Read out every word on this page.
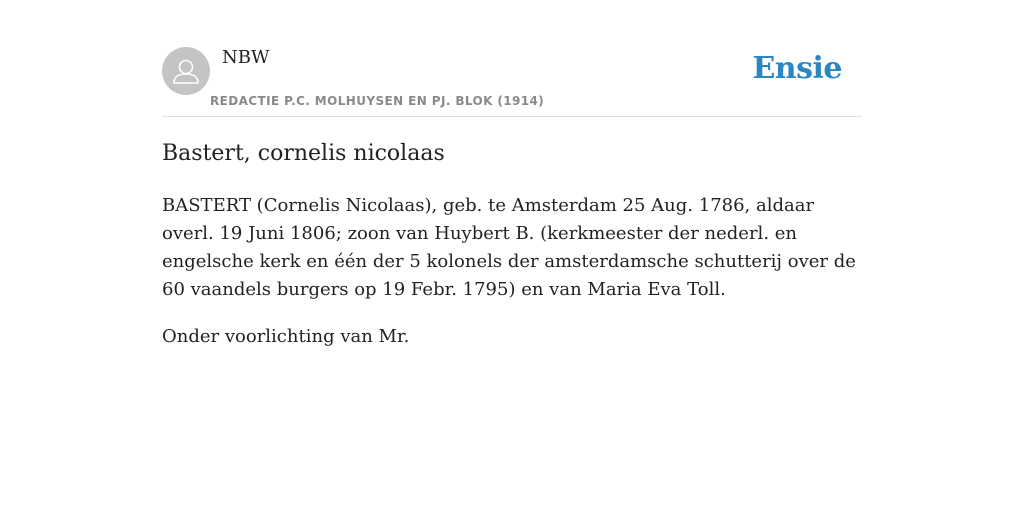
NBW
REDACTIE P.C. MOLHUYSEN EN PJ. BLOK (1914)
Ensie
Bastert, cornelis nicolaas

BASTERT (Cornelis Nicolaas), geb. te Amsterdam 25 Aug. 1786, aldaar overl. 19 Juni 1806; zoon van Huybert B. (kerkmeester der nederl. en engelsche kerk en één der 5 kolonels der amsterdamsche schutterij over de 60 vaandels burgers op 19 Febr. 1795) en van Maria Eva Toll.

Onder voorlichting van Mr.
